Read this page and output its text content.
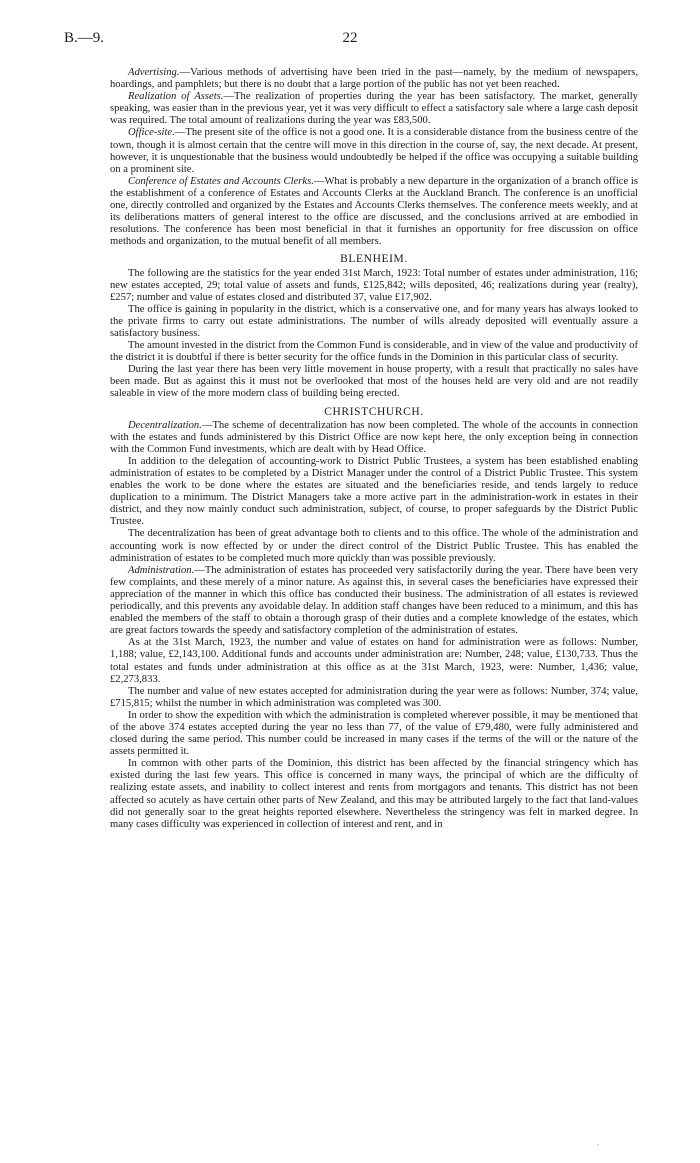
B.—9.	22

Advertising.—Various methods of advertising have been tried in the past—namely, by the medium of newspapers, hoardings, and pamphlets; but there is no doubt that a large portion of the public has not yet been reached.

Realization of Assets.—The realization of properties during the year has been satisfactory. The market, generally speaking, was easier than in the previous year, yet it was very difficult to effect a satisfactory sale where a large cash deposit was required. The total amount of realizations during the year was £83,500.

Office-site.—The present site of the office is not a good one. It is a considerable distance from the business centre of the town, though it is almost certain that the centre will move in this direction in the course of, say, the next decade. At present, however, it is unquestionable that the business would undoubtedly be helped if the office was occupying a suitable building on a prominent site.

Conference of Estates and Accounts Clerks.—What is probably a new departure in the organization of a branch office is the establishment of a conference of Estates and Accounts Clerks at the Auckland Branch. The conference is an unofficial one, directly controlled and organized by the Estates and Accounts Clerks themselves. The conference meets weekly, and at its deliberations matters of general interest to the office are discussed, and the conclusions arrived at are embodied in resolutions. The conference has been most beneficial in that it furnishes an opportunity for free discussion on office methods and organization, to the mutual benefit of all members.

BLENHEIM.

The following are the statistics for the year ended 31st March, 1923: Total number of estates under administration, 116; new estates accepted, 29; total value of assets and funds, £125,842; wills deposited, 46; realizations during year (realty), £257; number and value of estates closed and distributed 37, value £17,902.

The office is gaining in popularity in the district, which is a conservative one, and for many years has always looked to the private firms to carry out estate administrations. The number of wills already deposited will eventually assure a satisfactory business.

The amount invested in the district from the Common Fund is considerable, and in view of the value and productivity of the district it is doubtful if there is better security for the office funds in the Dominion in this particular class of security.

During the last year there has been very little movement in house property, with a result that practically no sales have been made. But as against this it must not be overlooked that most of the houses held are very old and are not readily saleable in view of the more modern class of building being erected.

CHRISTCHURCH.

Decentralization.—The scheme of decentralization has now been completed. The whole of the accounts in connection with the estates and funds administered by this District Office are now kept here, the only exception being in connection with the Common Fund investments, which are dealt with by Head Office.

In addition to the delegation of accounting-work to District Public Trustees, a system has been established enabling administration of estates to be completed by a District Manager under the control of a District Public Trustee. This system enables the work to be done where the estates are situated and the beneficiaries reside, and tends largely to reduce duplication to a minimum. The District Managers take a more active part in the administration-work in estates in their district, and they now mainly conduct such administration, subject, of course, to proper safeguards by the District Public Trustee.

The decentralization has been of great advantage both to clients and to this office. The whole of the administration and accounting work is now effected by or under the direct control of the District Public Trustee. This has enabled the administration of estates to be completed much more quickly than was possible previously.

Administration.—The administration of estates has proceeded very satisfactorily during the year. There have been very few complaints, and these merely of a minor nature. As against this, in several cases the beneficiaries have expressed their appreciation of the manner in which this office has conducted their business. The administration of all estates is reviewed periodically, and this prevents any avoidable delay. In addition staff changes have been reduced to a minimum, and this has enabled the members of the staff to obtain a thorough grasp of their duties and a complete knowledge of the estates, which are great factors towards the speedy and satisfactory completion of the administration of estates.

As at the 31st March, 1923, the number and value of estates on hand for administration were as follows: Number, 1,188; value, £2,143,100. Additional funds and accounts under administration are: Number, 248; value, £130,733. Thus the total estates and funds under administration at this office as at the 31st March, 1923, were: Number, 1,436; value, £2,273,833.

The number and value of new estates accepted for administration during the year were as follows: Number, 374; value, £715,815; whilst the number in which administration was completed was 300.

In order to show the expedition with which the administration is completed wherever possible, it may be mentioned that of the above 374 estates accepted during the year no less than 77, of the value of £79,480, were fully administered and closed during the same period. This number could be increased in many cases if the terms of the will or the nature of the assets permitted it.

In common with other parts of the Dominion, this district has been affected by the financial stringency which has existed during the last few years. This office is concerned in many ways, the principal of which are the difficulty of realizing estate assets, and inability to collect interest and rents from mortgagors and tenants. This district has not been affected so acutely as have certain other parts of New Zealand, and this may be attributed largely to the fact that land-values did not generally soar to the great heights reported elsewhere. Nevertheless the stringency was felt in marked degree. In many cases difficulty was experienced in collection of interest and rent, and in

.
